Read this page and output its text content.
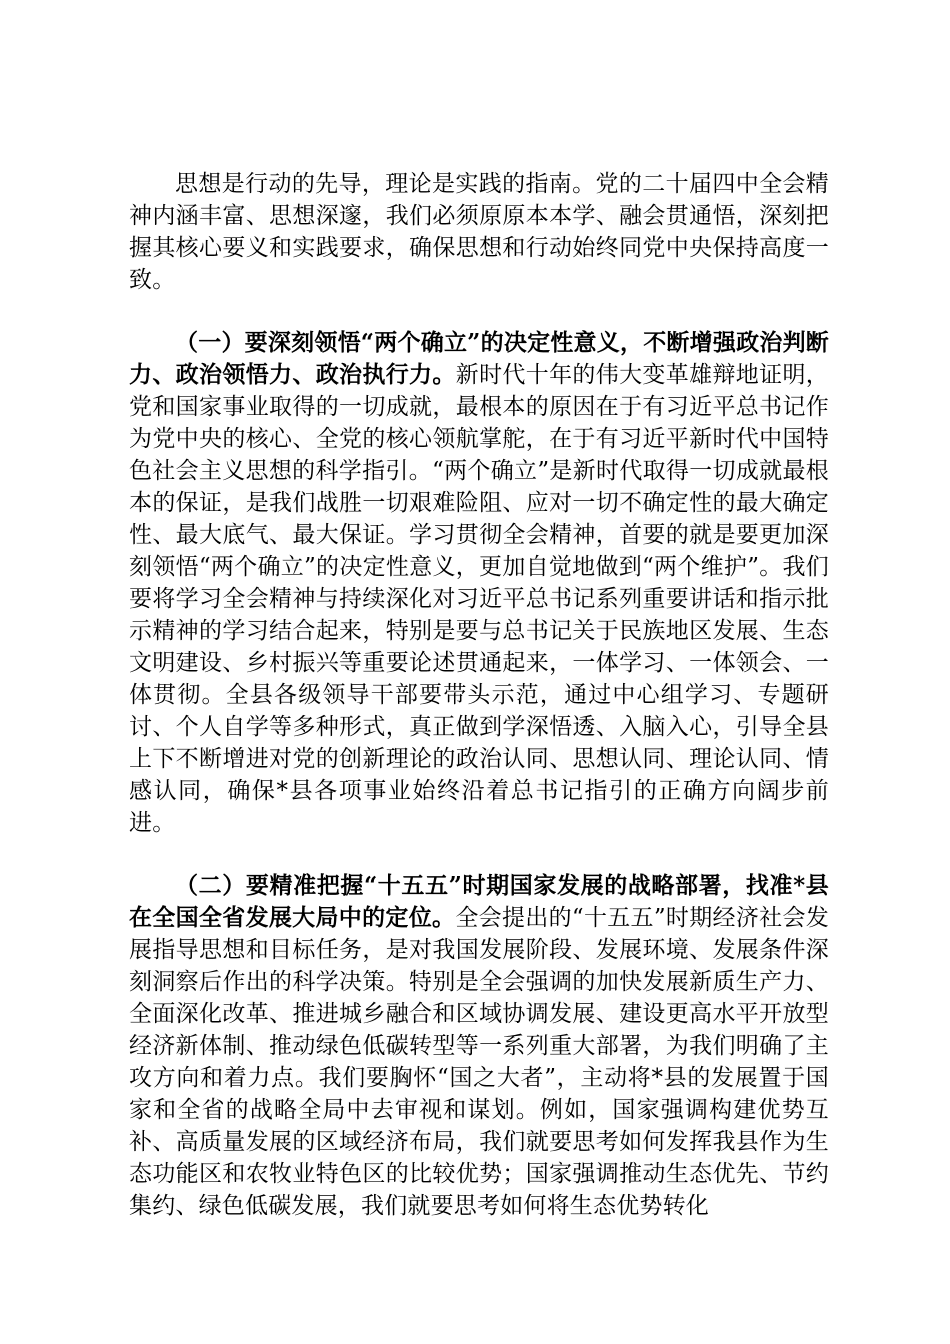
思想是行动的先导，理论是实践的指南。党的二十届四中全会精神内涵丰富、思想深邃，我们必须原原本本学、融会贯通悟，深刻把握其核心要义和实践要求，确保思想和行动始终同党中央保持高度一致。

（一）要深刻领悟“两个确立”的决定性意义，不断增强政治判断力、政治领悟力、政治执行力。新时代十年的伟大变革雄辩地证明，党和国家事业取得的一切成就，最根本的原因在于有习近平总书记作为党中央的核心、全党的核心领航掌舵，在于有习近平新时代中国特色社会主义思想的科学指引。“两个确立”是新时代取得一切成就最根本的保证，是我们战胜一切艰难险阻、应对一切不确定性的最大确定性、最大底气、最大保证。学习贯彻全会精神，首要的就是要更加深刻领悟“两个确立”的决定性意义，更加自觉地做到“两个维护”。我们要将学习全会精神与持续深化对习近平总书记系列重要讲话和指示批示精神的学习结合起来，特别是要与总书记关于民族地区发展、生态文明建设、乡村振兴等重要论述贯通起来，一体学习、一体领会、一体贯彻。全县各级领导干部要带头示范，通过中心组学习、专题研讨、个人自学等多种形式，真正做到学深悟透、入脑入心，引导全县上下不断增进对党的创新理论的政治认同、思想认同、理论认同、情感认同，确保*县各项事业始终沿着总书记指引的正确方向阔步前进。

（二）要精准把握“十五五”时期国家发展的战略部署，找准*县在全国全省发展大局中的定位。全会提出的“十五五”时期经济社会发展指导思想和目标任务，是对我国发展阶段、发展环境、发展条件深刻洞察后作出的科学决策。特别是全会强调的加快发展新质生产力、全面深化改革、推进城乡融合和区域协调发展、建设更高水平开放型经济新体制、推动绿色低碳转型等一系列重大部署，为我们明确了主攻方向和着力点。我们要胸怀“国之大者”，主动将*县的发展置于国家和全省的战略全局中去审视和谋划。例如，国家强调构建优势互补、高质量发展的区域经济布局，我们就要思考如何发挥我县作为生态功能区和农牧业特色区的比较优势；国家强调推动生态优先、节约集约、绿色低碳发展，我们就要思考如何将生态优势转化
